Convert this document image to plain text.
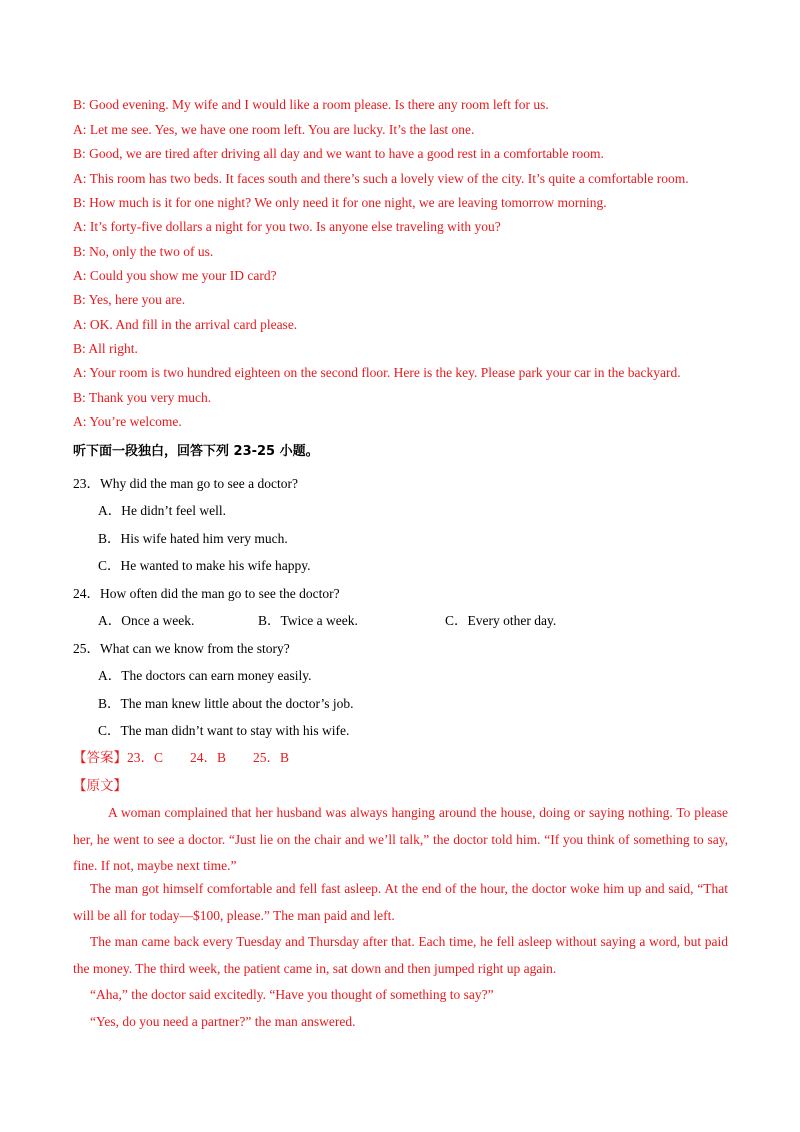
B: Good evening. My wife and I would like a room please. Is there any room left for us.
A: Let me see. Yes, we have one room left. You are lucky. It’s the last one.
B: Good, we are tired after driving all day and we want to have a good rest in a comfortable room.
A: This room has two beds. It faces south and there’s such a lovely view of the city. It’s quite a comfortable room.
B: How much is it for one night? We only need it for one night, we are leaving tomorrow morning.
A: It’s forty-five dollars a night for you two. Is anyone else traveling with you?
B: No, only the two of us.
A: Could you show me your ID card?
B: Yes, here you are.
A: OK. And fill in the arrival card please.
B: All right.
A: Your room is two hundred eighteen on the second floor. Here is the key. Please park your car in the backyard.
B: Thank you very much.
A: You’re welcome.
听下面一段独白，回答下列 23-25 小题。
23．Why did the man go to see a doctor?
A．He didn’t feel well.
B．His wife hated him very much.
C．He wanted to make his wife happy.
24．How often did the man go to see the doctor?
A．Once a week.	B．Twice a week.	C．Every other day.
25．What can we know from the story?
A．The doctors can earn money easily.
B．The man knew little about the doctor’s job.
C．The man didn’t want to stay with his wife.
【答案】23．C　　24．B　　25．B
【原文】
A woman complained that her husband was always hanging around the house, doing or saying nothing. To please her, he went to see a doctor. “Just lie on the chair and we’ll talk,” the doctor told him. “If you think of something to say, fine. If not, maybe next time.”
The man got himself comfortable and fell fast asleep. At the end of the hour, the doctor woke him up and said, “That will be all for today—$100, please.” The man paid and left.
The man came back every Tuesday and Thursday after that. Each time, he fell asleep without saying a word, but paid the money. The third week, the patient came in, sat down and then jumped right up again.
“Aha,” the doctor said excitedly. “Have you thought of something to say?”
“Yes, do you need a partner?” the man answered.
